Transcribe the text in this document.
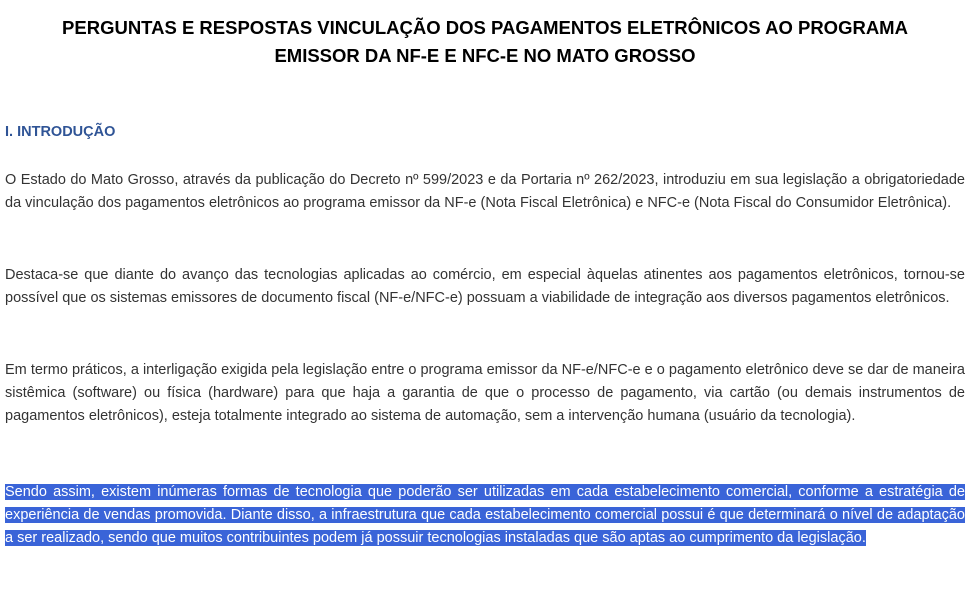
PERGUNTAS E RESPOSTAS VINCULAÇÃO DOS PAGAMENTOS ELETRÔNICOS AO PROGRAMA
EMISSOR DA NF-E E NFC-E NO MATO GROSSO
I. INTRODUÇÃO

O Estado do Mato Grosso, através da publicação do Decreto nº 599/2023 e da Portaria nº 262/2023, introduziu em sua legislação a obrigatoriedade da vinculação dos pagamentos eletrônicos ao programa emissor da NF-e (Nota Fiscal Eletrônica) e NFC-e (Nota Fiscal do Consumidor Eletrônica).

Destaca-se que diante do avanço das tecnologias aplicadas ao comércio, em especial àquelas atinentes aos pagamentos eletrônicos, tornou-se possível que os sistemas emissores de documento fiscal (NF-e/NFC-e) possuam a viabilidade de integração aos diversos pagamentos eletrônicos.

Em termo práticos, a interligação exigida pela legislação entre o programa emissor da NF-e/NFC-e e o pagamento eletrônico deve se dar de maneira sistêmica (software) ou física (hardware) para que haja a garantia de que o processo de pagamento, via cartão (ou demais instrumentos de pagamentos eletrônicos), esteja totalmente integrado ao sistema de automação, sem a intervenção humana (usuário da tecnologia).

Sendo assim, existem inúmeras formas de tecnologia que poderão ser utilizadas em cada estabelecimento comercial, conforme a estratégia de experiência de vendas promovida. Diante disso, a infraestrutura que cada estabelecimento comercial possui é que determinará o nível de adaptação a ser realizado, sendo que muitos contribuintes podem já possuir tecnologias instaladas que são aptas ao cumprimento da legislação.
